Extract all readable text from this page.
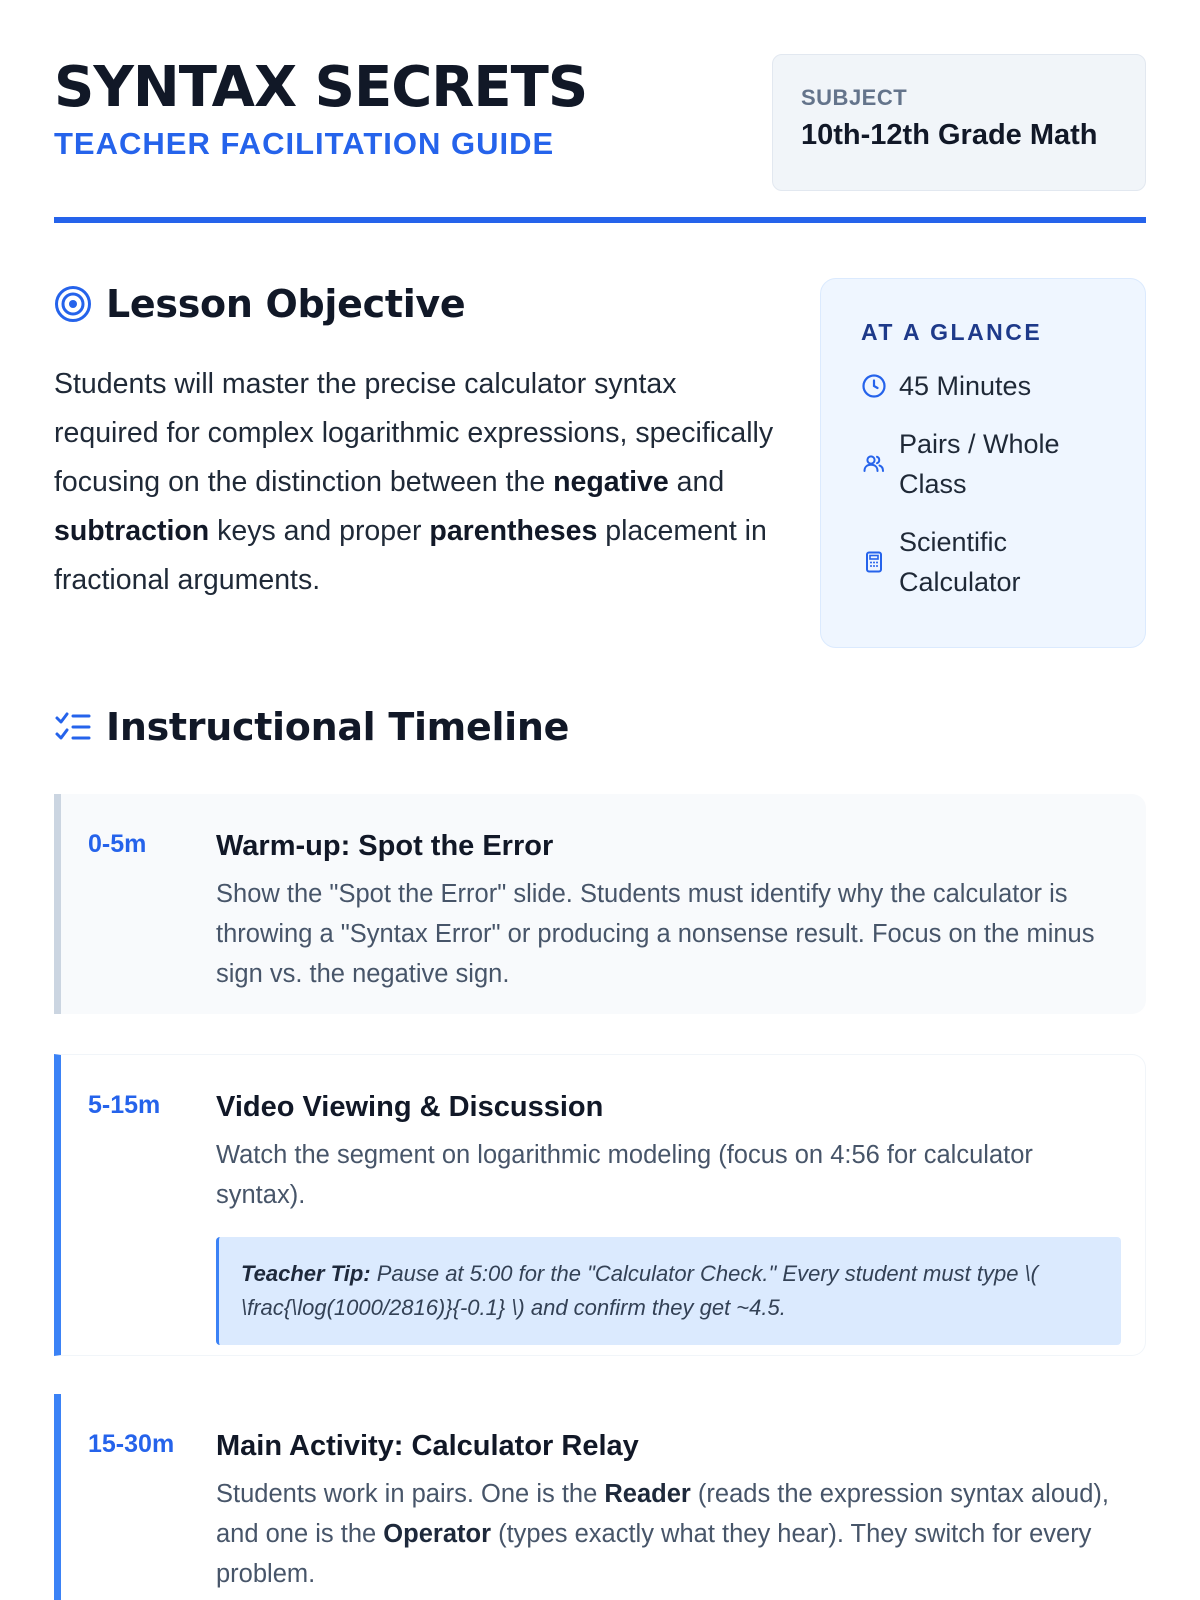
SYNTAX SECRETS
TEACHER FACILITATION GUIDE
SUBJECT
10th-12th Grade Math
Lesson Objective
Students will master the precise calculator syntax required for complex logarithmic expressions, specifically focusing on the distinction between the negative and subtraction keys and proper parentheses placement in fractional arguments.
AT A GLANCE
45 Minutes
Pairs / Whole Class
Scientific Calculator
Instructional Timeline
0-5m Warm-up: Spot the Error
Show the "Spot the Error" slide. Students must identify why the calculator is throwing a "Syntax Error" or producing a nonsense result. Focus on the minus sign vs. the negative sign.
5-15m Video Viewing & Discussion
Watch the segment on logarithmic modeling (focus on 4:56 for calculator syntax).
Teacher Tip: Pause at 5:00 for the "Calculator Check." Every student must type \( \frac{\log(1000/2816)}{-0.1} \) and confirm they get ~4.5.
15-30m Main Activity: Calculator Relay
Students work in pairs. One is the Reader (reads the expression syntax aloud), and one is the Operator (types exactly what they hear). They switch for every problem.
